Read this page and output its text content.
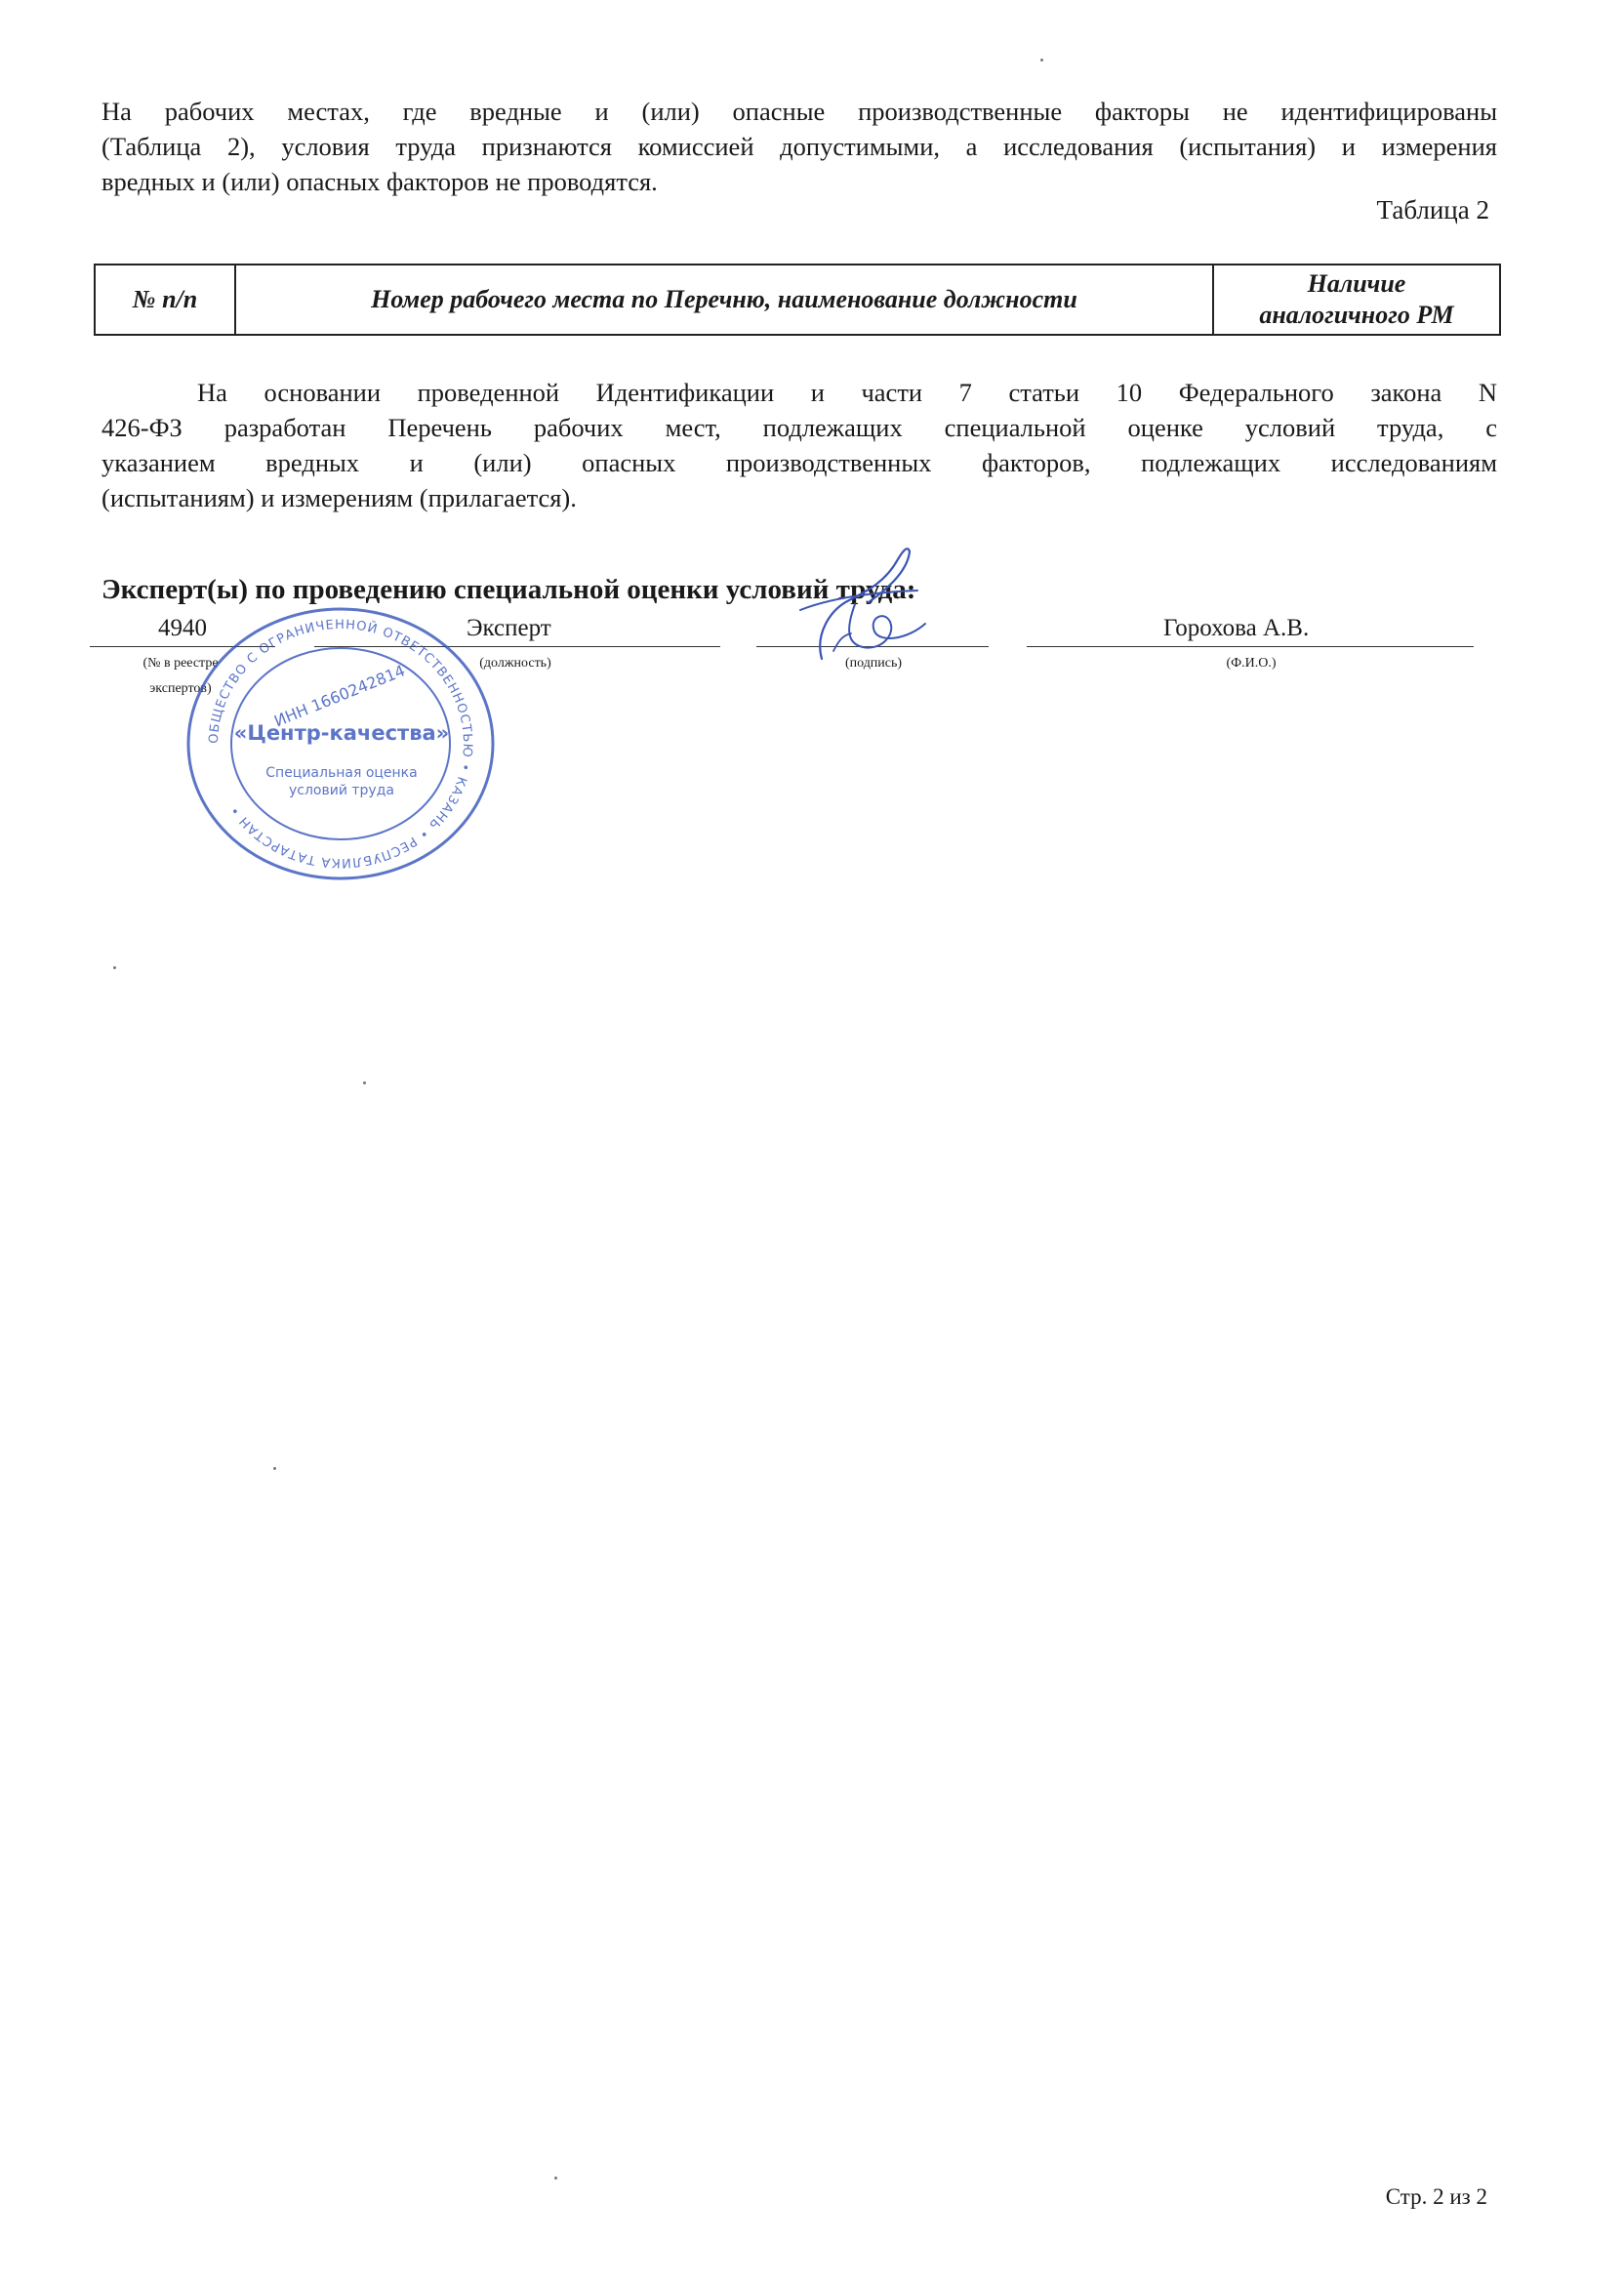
На рабочих местах, где вредные и (или) опасные производственные факторы не идентифицированы
(Таблица 2), условия труда признаются комиссией допустимыми, а исследования (испытания) и измерения
вредных и (или) опасных факторов не проводятся.
Таблица 2
№ п/п	Номер рабочего места по Перечню, наименование должности	Наличие
аналогичного РМ
На основании проведенной Идентификации и части 7 статьи 10 Федерального закона N
426-ФЗ разработан Перечень рабочих мест, подлежащих специальной оценке условий труда, с
указанием вредных и (или) опасных производственных факторов, подлежащих исследованиям
(испытаниям) и измерениям (прилагается).
Эксперт(ы) по проведению специальной оценки условий труда:
4940	Эксперт	Горохова А.В.
(№ в реестре
экспертов)
(должность)	(подпись)	(Ф.И.О.)
ОБЩЕСТВО С ОГРАНИЧЕННОЙ ОТВЕТСТВЕННОСТЬЮ • КАЗАНЬ • РЕСПУБЛИКА ТАТАРСТАН •
ИНН 1660242814
«Центр-качества»
Специальная оценка
условий труда
Стр. 2 из 2
